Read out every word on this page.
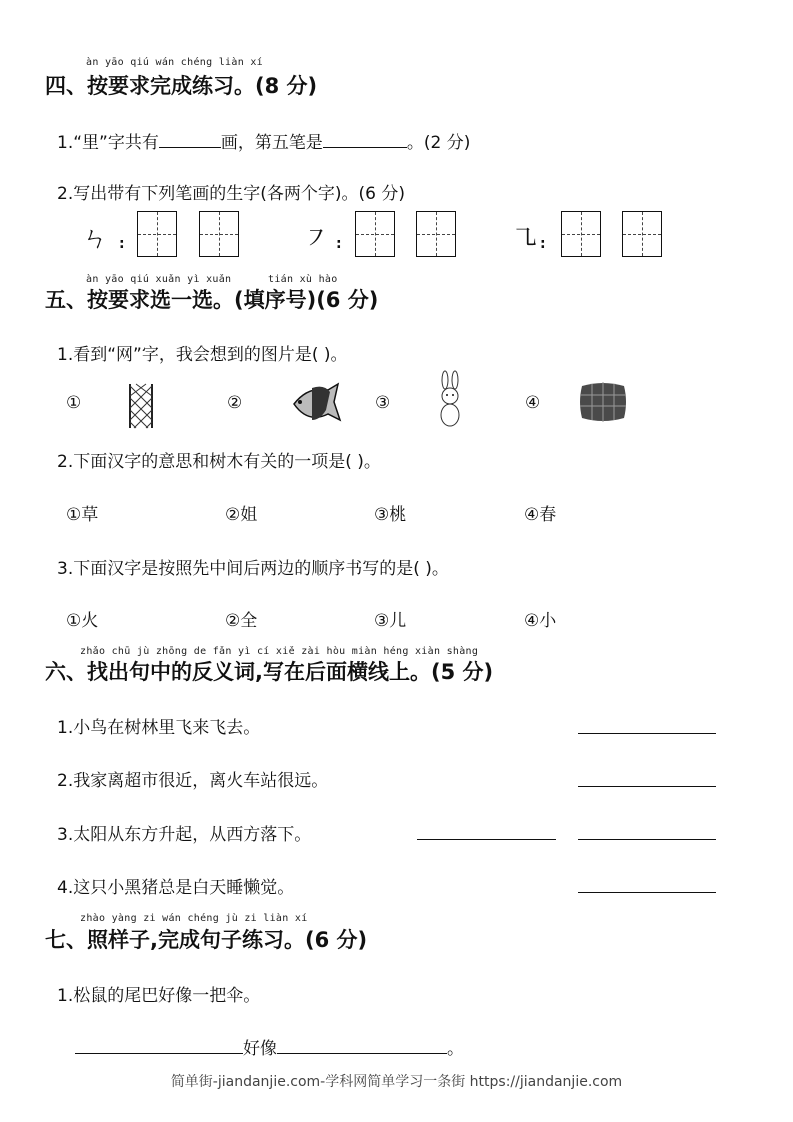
àn yāo qiú wán chéng liàn xí
四、按要求完成练习。(8 分)
1.“里”字共有	画，第五笔是	。(2 分)
2.写出带有下列笔画的生字(各两个字)。(6 分)
ㄣ :	㇇ :	㇈ :
àn yāo qiú xuǎn yì xuǎn	tián xù hào
五、按要求选一选。(填序号)(6 分)
1.看到“网”字，我会想到的图片是( )。
①	②	③	④
2.下面汉字的意思和树木有关的一项是( )。
①草	②姐	③桃	④春
3.下面汉字是按照先中间后两边的顺序书写的是( )。
①火	②全	③儿	④小
zhǎo chū jù zhōng de fǎn yì cí xiě zài hòu miàn héng xiàn shàng
六、找出句中的反义词,写在后面横线上。(5 分)
1.小鸟在树林里飞来飞去。
2.我家离超市很近，离火车站很远。
3.太阳从东方升起，从西方落下。
4.这只小黑猪总是白天睡懒觉。
zhào yàng zi wán chéng jù zi liàn xí
七、照样子,完成句子练习。(6 分)
1.松鼠的尾巴好像一把伞。
好像	。
简单街-jiandanjie.com-学科网简单学习一条街 https://jiandanjie.com
